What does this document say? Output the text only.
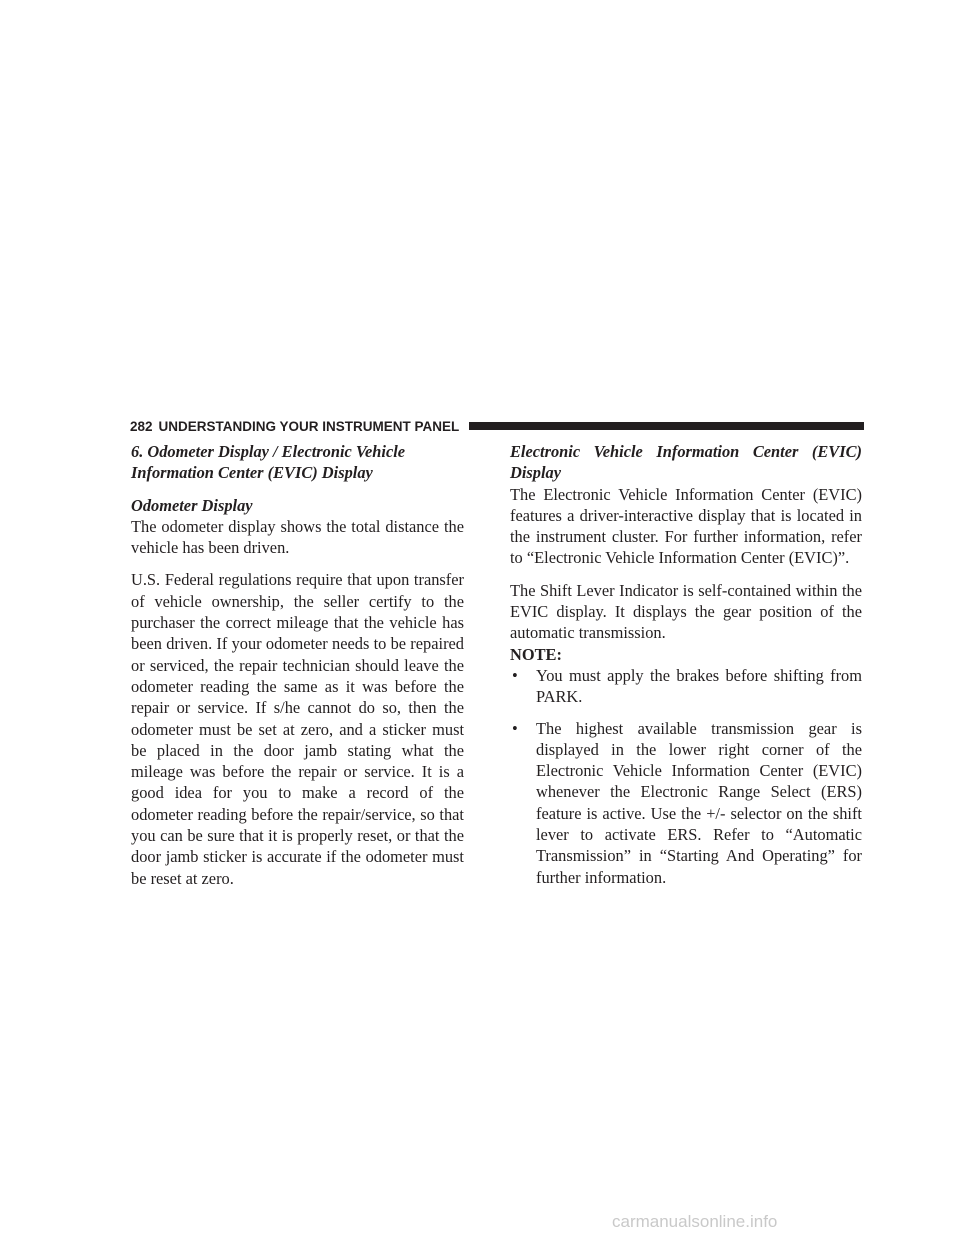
282 UNDERSTANDING YOUR INSTRUMENT PANEL

6. Odometer Display / Electronic Vehicle Information Center (EVIC) Display

Odometer Display

The odometer display shows the total distance the vehicle has been driven.

U.S. Federal regulations require that upon transfer of vehicle ownership, the seller certify to the purchaser the correct mileage that the vehicle has been driven. If your odometer needs to be repaired or serviced, the repair technician should leave the odometer reading the same as it was before the repair or service. If s/he cannot do so, then the odometer must be set at zero, and a sticker must be placed in the door jamb stating what the mileage was before the repair or service. It is a good idea for you to make a record of the odometer reading before the repair/service, so that you can be sure that it is properly reset, or that the door jamb sticker is accurate if the odometer must be reset at zero.

Electronic Vehicle Information Center (EVIC) Display

The Electronic Vehicle Information Center (EVIC) features a driver-interactive display that is located in the instrument cluster. For further information, refer to “Electronic Vehicle Information Center (EVIC)”.

The Shift Lever Indicator is self-contained within the EVIC display. It displays the gear position of the automatic transmission.

NOTE:

• You must apply the brakes before shifting from PARK.
• The highest available transmission gear is displayed in the lower right corner of the Electronic Vehicle Information Center (EVIC) whenever the Electronic Range Select (ERS) feature is active. Use the +/- selector on the shift lever to activate ERS. Refer to “Automatic Transmission” in “Starting And Operating” for further information.
carmanualsonline.info
